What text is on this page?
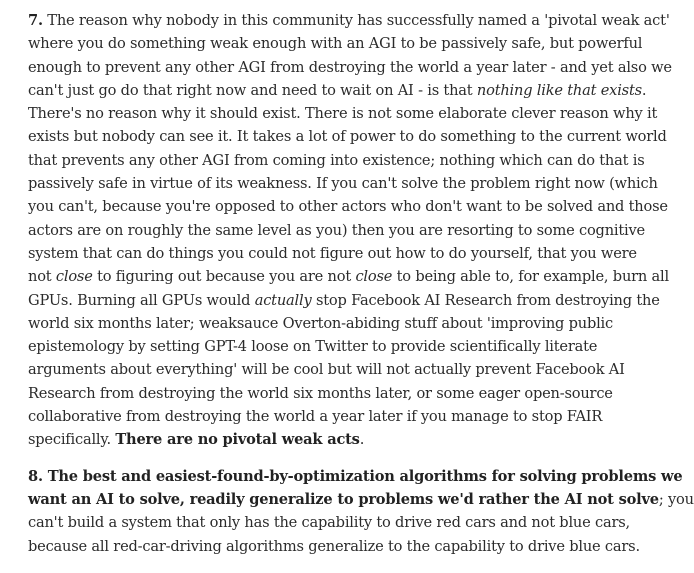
7. The reason why nobody in this community has successfully named a 'pivotal weak act'
where you do something weak enough with an AGI to be passively safe, but powerful
enough to prevent any other AGI from destroying the world a year later - and yet also we
can't just go do that right now and need to wait on AI - is that nothing like that exists.
There's no reason why it should exist. There is not some elaborate clever reason why it
exists but nobody can see it. It takes a lot of power to do something to the current world
that prevents any other AGI from coming into existence; nothing which can do that is
passively safe in virtue of its weakness. If you can't solve the problem right now (which
you can't, because you're opposed to other actors who don't want to be solved and those
actors are on roughly the same level as you) then you are resorting to some cognitive
system that can do things you could not figure out how to do yourself, that you were
not close to figuring out because you are not close to being able to, for example, burn all
GPUs. Burning all GPUs would actually stop Facebook AI Research from destroying the
world six months later; weaksauce Overton-abiding stuff about 'improving public
epistemology by setting GPT-4 loose on Twitter to provide scientifically literate
arguments about everything' will be cool but will not actually prevent Facebook AI
Research from destroying the world six months later, or some eager open-source
collaborative from destroying the world a year later if you manage to stop FAIR
specifically. There are no pivotal weak acts.
8. The best and easiest-found-by-optimization algorithms for solving problems we
want an AI to solve, readily generalize to problems we'd rather the AI not solve; you
can't build a system that only has the capability to drive red cars and not blue cars,
because all red-car-driving algorithms generalize to the capability to drive blue cars.
